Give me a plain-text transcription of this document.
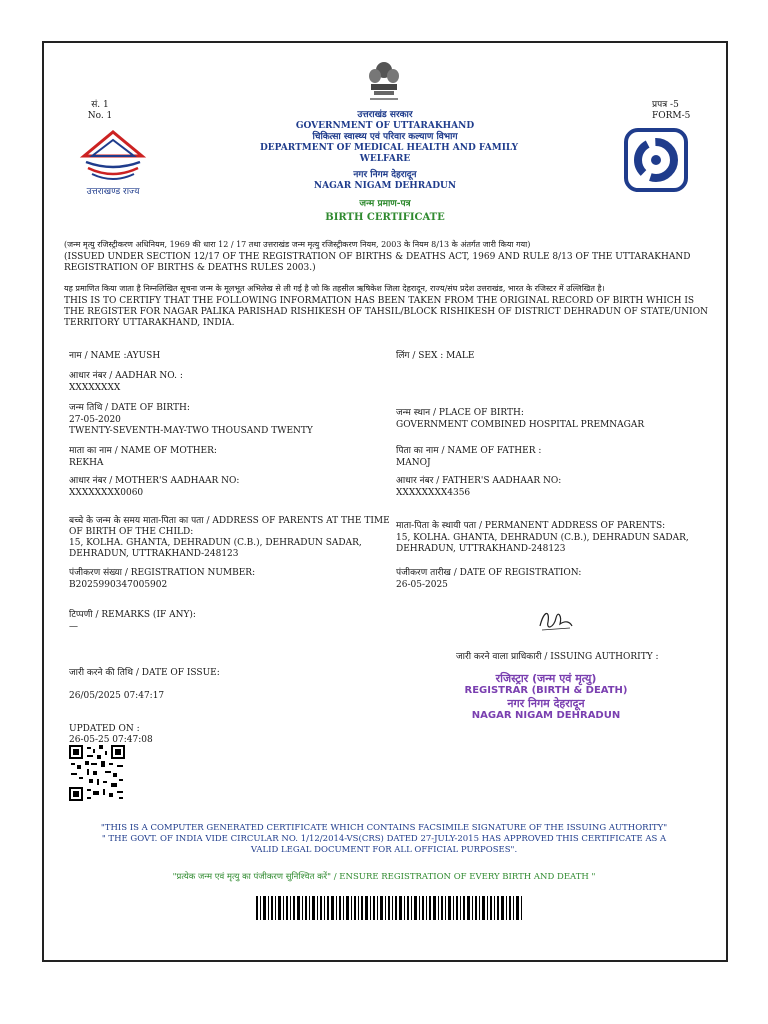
सं. 1
No. 1
प्रपत्र -5
FORM-5
उत्तराखण्ड राज्य
उत्तराखंड सरकार
GOVERNMENT OF UTTARAKHAND
चिकित्सा स्वास्थ्य एवं परिवार कल्याण विभाग
DEPARTMENT OF MEDICAL HEALTH AND FAMILY
WELFARE
नगर निगम देहरादून
NAGAR NIGAM DEHRADUN
जन्म प्रमाण-पत्र
BIRTH CERTIFICATE
(जन्म मृत्यु रजिस्ट्रीकरण अधिनियम, 1969 की धारा 12 / 17 तथा उत्तराखंड जन्म मृत्यु रजिस्ट्रीकरण नियम, 2003 के नियम 8/13 के अंतर्गत जारी किया गया)
(ISSUED UNDER SECTION 12/17 OF THE REGISTRATION OF BIRTHS & DEATHS ACT, 1969 AND RULE 8/13 OF THE UTTARAKHAND REGISTRATION OF BIRTHS & DEATHS RULES 2003.)
यह प्रमाणित किया जाता है निम्नलिखित सूचना जन्म के मूलभूत अभिलेख से ली गई है जो कि तहसील ऋषिकेश जिला देहरादून, राज्य/संघ प्रदेश उत्तराखंड, भारत के रजिस्टर में उल्लिखित है।
THIS IS TO CERTIFY THAT THE FOLLOWING INFORMATION HAS BEEN TAKEN FROM THE ORIGINAL RECORD OF BIRTH WHICH IS THE REGISTER FOR NAGAR PALIKA PARISHAD RISHIKESH OF TAHSIL/BLOCK RISHIKESH OF DISTRICT DEHRADUN OF STATE/UNION TERRITORY UTTARAKHAND, INDIA.
नाम / NAME :AYUSH	लिंग / SEX : MALE
आधार नंबर / AADHAR NO. :
XXXXXXXX
जन्म तिथि / DATE OF BIRTH:
27-05-2020
TWENTY-SEVENTH-MAY-TWO THOUSAND TWENTY
जन्म स्थान / PLACE OF BIRTH:
GOVERNMENT COMBINED HOSPITAL PREMNAGAR
माता का नाम / NAME OF MOTHER:
REKHA
पिता का नाम / NAME OF FATHER :
MANOJ
आधार नंबर / MOTHER'S AADHAAR NO:
XXXXXXXX0060
आधार नंबर / FATHER'S AADHAAR NO:
XXXXXXXX4356
बच्चे के जन्म के समय माता-पिता का पता / ADDRESS OF PARENTS AT THE TIME
OF BIRTH OF THE CHILD:
15, KOLHA. GHANTA, DEHRADUN (C.B.), DEHRADUN SADAR,
DEHRADUN, UTTRAKHAND-248123
माता-पिता के स्थायी पता / PERMANENT ADDRESS OF PARENTS:
15, KOLHA. GHANTA, DEHRADUN (C.B.), DEHRADUN SADAR,
DEHRADUN, UTTRAKHAND-248123
पंजीकरण संख्या / REGISTRATION NUMBER:
B2025990347005902
पंजीकरण तारीख / DATE OF REGISTRATION:
26-05-2025
टिप्पणी / REMARKS (IF ANY):
—
जारी करने वाला प्राधिकारी / ISSUING AUTHORITY :
जारी करने की तिथि / DATE OF ISSUE:
26/05/2025 07:47:17
रजिस्ट्रार (जन्म एवं मृत्यु)
REGISTRAR (BIRTH & DEATH)
नगर निगम देहरादून
NAGAR NIGAM DEHRADUN
UPDATED ON :
26-05-25 07:47:08
"THIS IS A COMPUTER GENERATED CERTIFICATE WHICH CONTAINS FACSIMILE SIGNATURE OF THE ISSUING AUTHORITY"
" THE GOVT. OF INDIA VIDE CIRCULAR NO. 1/12/2014-VS(CRS) DATED 27-JULY-2015 HAS APPROVED THIS CERTIFICATE AS A
VALID LEGAL DOCUMENT FOR ALL OFFICIAL PURPOSES".
"प्रत्येक जन्म एवं मृत्यु का पंजीकरण सुनिश्चित करें" / ENSURE REGISTRATION OF EVERY BIRTH AND DEATH "
